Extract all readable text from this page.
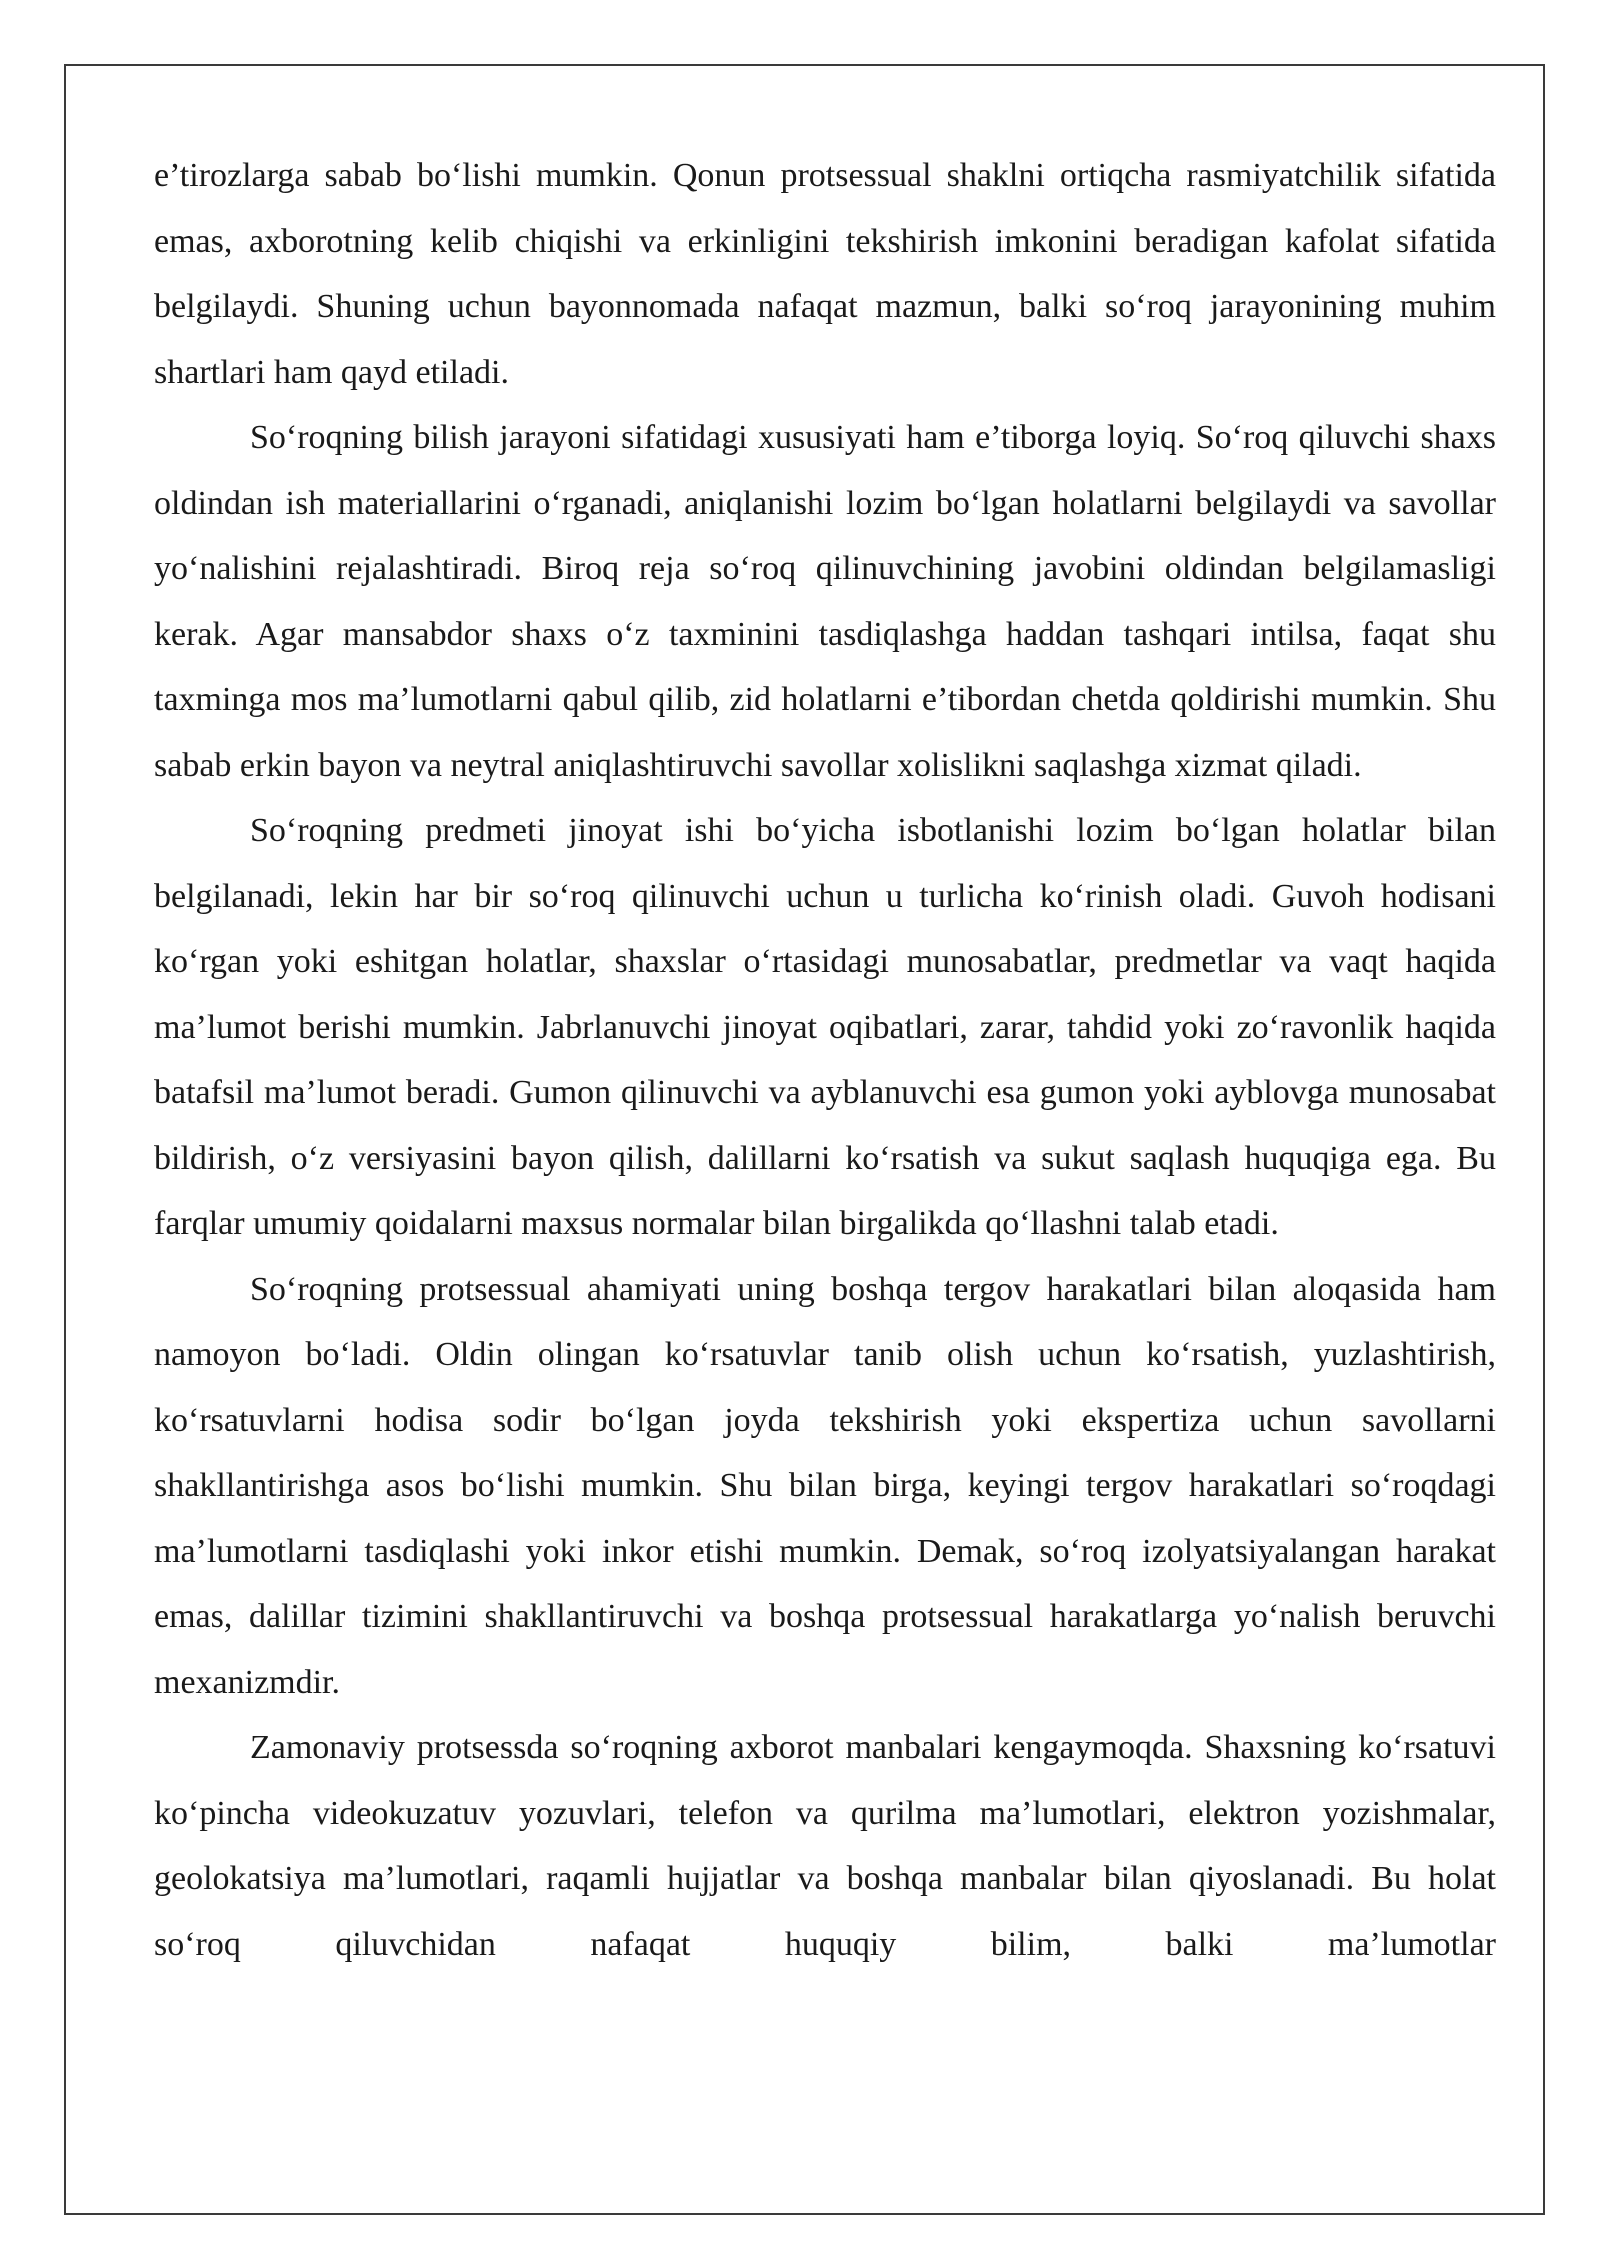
e’tirozlarga sabab bo‘lishi mumkin. Qonun protsessual shaklni ortiqcha rasmiyatchilik sifatida emas, axborotning kelib chiqishi va erkinligini tekshirish imkonini beradigan kafolat sifatida belgilaydi. Shuning uchun bayonnomada nafaqat mazmun, balki so‘roq jarayonining muhim shartlari ham qayd etiladi.

So‘roqning bilish jarayoni sifatidagi xususiyati ham e’tiborga loyiq. So‘roq qiluvchi shaxs oldindan ish materiallarini o‘rganadi, aniqlanishi lozim bo‘lgan holatlarni belgilaydi va savollar yo‘nalishini rejalashtiradi. Biroq reja so‘roq qilinuvchining javobini oldindan belgilamasligi kerak. Agar mansabdor shaxs o‘z taxminini tasdiqlashga haddan tashqari intilsa, faqat shu taxminga mos ma’lumotlarni qabul qilib, zid holatlarni e’tibordan chetda qoldirishi mumkin. Shu sabab erkin bayon va neytral aniqlashtiruvchi savollar xolislikni saqlashga xizmat qiladi.

So‘roqning predmeti jinoyat ishi bo‘yicha isbotlanishi lozim bo‘lgan holatlar bilan belgilanadi, lekin har bir so‘roq qilinuvchi uchun u turlicha ko‘rinish oladi. Guvoh hodisani ko‘rgan yoki eshitgan holatlar, shaxslar o‘rtasidagi munosabatlar, predmetlar va vaqt haqida ma’lumot berishi mumkin. Jabrlanuvchi jinoyat oqibatlari, zarar, tahdid yoki zo‘ravonlik haqida batafsil ma’lumot beradi. Gumon qilinuvchi va ayblanuvchi esa gumon yoki ayblovga munosabat bildirish, o‘z versiyasini bayon qilish, dalillarni ko‘rsatish va sukut saqlash huquqiga ega. Bu farqlar umumiy qoidalarni maxsus normalar bilan birgalikda qo‘llashni talab etadi.

So‘roqning protsessual ahamiyati uning boshqa tergov harakatlari bilan aloqasida ham namoyon bo‘ladi. Oldin olingan ko‘rsatuvlar tanib olish uchun ko‘rsatish, yuzlashtirish, ko‘rsatuvlarni hodisa sodir bo‘lgan joyda tekshirish yoki ekspertiza uchun savollarni shakllantirishga asos bo‘lishi mumkin. Shu bilan birga, keyingi tergov harakatlari so‘roqdagi ma’lumotlarni tasdiqlashi yoki inkor etishi mumkin. Demak, so‘roq izolyatsiyalangan harakat emas, dalillar tizimini shakllantiruvchi va boshqa protsessual harakatlarga yo‘nalish beruvchi mexanizmdir.

Zamonaviy protsessda so‘roqning axborot manbalari kengaymoqda. Shaxsning ko‘rsatuvi ko‘pincha videokuzatuv yozuvlari, telefon va qurilma ma’lumotlari, elektron yozishmalar, geolokatsiya ma’lumotlari, raqamli hujjatlar va boshqa manbalar bilan qiyoslanadi. Bu holat so‘roq qiluvchidan nafaqat huquqiy bilim, balki ma’lumotlar
